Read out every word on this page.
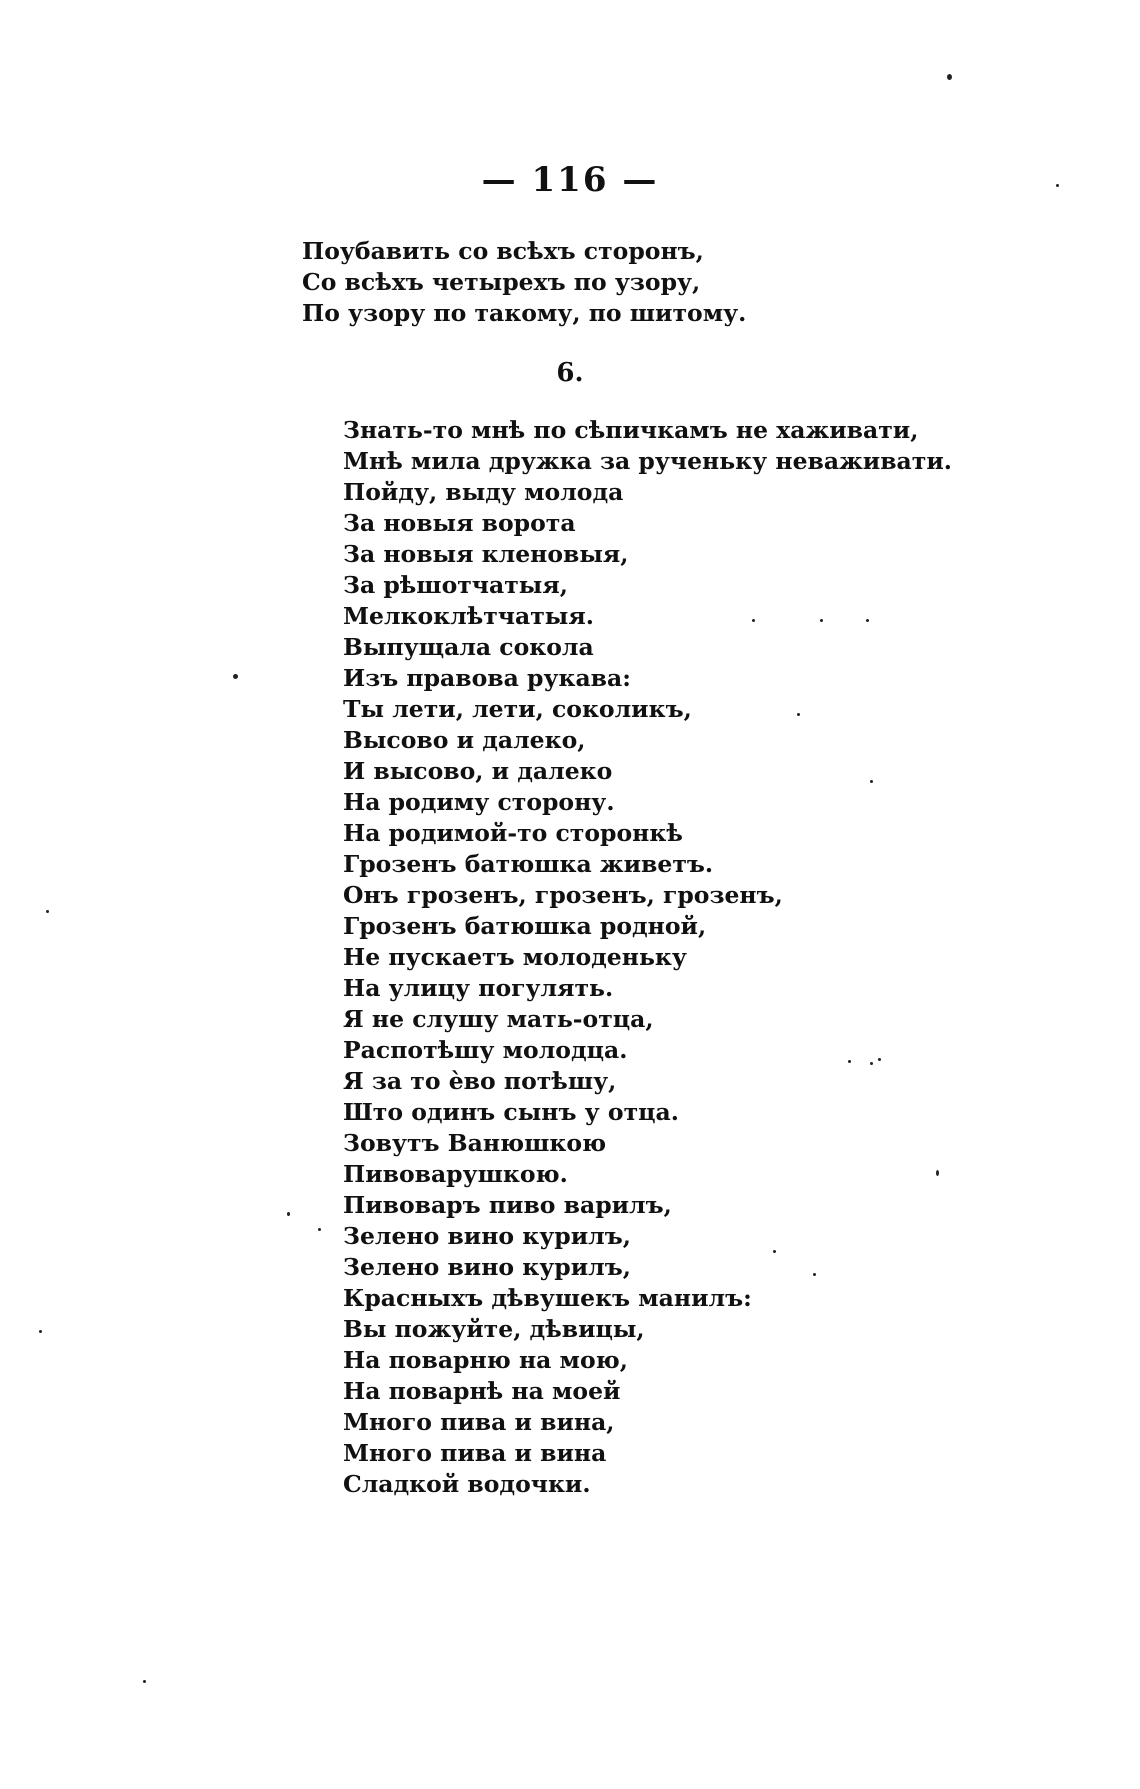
— 116 —
Поубавить со всѣхъ сторонъ,
Со всѣхъ четырехъ по узору,
По узору по такому, по шитому.
6.
Знать-то мнѣ по сѣпичкамъ не хаживати,
Мнѣ мила дружка за рученьку неваживати.
Пойду, выду молода
За новыя ворота
За новыя кленовыя,
За рѣшотчатыя,
Мелкоклѣтчатыя.
Выпущала сокола
Изъ правова рукава:
Ты лети, лети, соколикъ,
Высово и далеко,
И высово, и далеко
На родиму сторону.
На родимой-то сторонкѣ
Грозенъ батюшка живетъ.
Онъ грозенъ, грозенъ, грозенъ,
Грозенъ батюшка родной,
Не пускаетъ молоденьку
На улицу погулять.
Я не слушу мать-отца,
Распотѣшу молодца.
Я за то ѐво потѣшу,
Што одинъ сынъ у отца.
Зовутъ Ванюшкою
Пивоварушкою.
Пивоваръ пиво варилъ,
Зелено вино курилъ,
Зелено вино курилъ,
Красныхъ дѣвушекъ манилъ:
Вы пожуйте, дѣвицы,
На поварню на мою,
На поварнѣ на моей
Много пива и вина,
Много пива и вина
Сладкой водочки.
